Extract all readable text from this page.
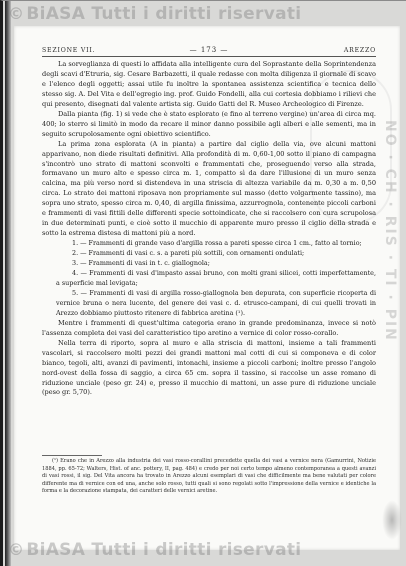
© BiASA Tutti i diritti riservati
NO · CH · RIS · TI · PIN
SEZIONE VII.	— 173 —	AREZZO

La sorveglianza di questi lo affidata alla intelligente cura del Soprastante della Soprintendenza degli scavi d'Etruria, sig. Cesare Barbazetti, il quale redasse con molta diligenza il giornale di scavo e l'elenco degli oggetti; assai utile fu inoltre la spontanea assistenza scientifica e tecnica dello stesso sig. A. Del Vita e dell'egregio ing. prof. Guido Fondelli, alla cui cortesia dobbiamo i rilievi che qui presento, disegnati dal valente artista sig. Guido Gatti del R. Museo Archeologico di Firenze.

Dalla pianta (fig. 1) si vede che è stato esplorato (e fino al terreno vergine) un'area di circa mq. 400; lo sterro si limitò in modo da recare il minor danno possibile agli alberi e alle sementi, ma in seguito scrupolosamente ogni obiettivo scientifico.

La prima zona esplorata (A in pianta) a partire dal ciglio della via, ove alcuni mattoni apparivano, non diede risultati definitivi. Alla profondità di m. 0,60-1,00 sotto il piano di campagna s'incontrò uno strato di mattoni sconvolti e frammentati che, proseguendo verso alla strada, formavano un muro alto e spesso circa m. 1, compatto sì da dare l'illusione di un muro senza calcina, ma più verso nord si distendeva in una striscia di altezza variabile da m. 0,30 a m. 0,50 circa. Lo strato dei mattoni riposava non propriamente sul masso (detto volgarmente tassino), ma sopra uno strato, spesso circa m. 0,40, di argilla finissima, azzurrognola, contenente piccoli carboni e frammenti di vasi fittili delle differenti specie sottoindicate, che si raccolsero con cura scrupolosa in due determinati punti, e cioè sotto il mucchio di apparente muro presso il ciglio della strada e sotto la estrema distesa di mattoni più a nord.

1. — Frammenti di grande vaso d'argilla rossa a pareti spesse circa 1 cm., fatto al tornio;

2. — Frammenti di vasi c. s. a pareti più sottili, con ornamenti ondulati;

3. — Frammenti di vasi in t. c. giallognola;

4. — Frammenti di vasi d'impasto assai bruno, con molti grani silicei, cotti imperfettamente, a superficie mal levigata;

5. — Frammenti di vasi di argilla rosso-giallognola ben depurata, con superficie ricoperta di vernice bruna o nera lucente, del genere dei vasi c. d. etrusco-campani, di cui quelli trovati in Arezzo dobbiamo piuttosto ritenere di fabbrica aretina (¹).

Mentre i frammenti di quest'ultima categoria erano in grande predominanza, invece si notò l'assenza completa dei vasi del caratteristico tipo aretino a vernice di color rosso-corallo.

Nella terra di riporto, sopra al muro e alla striscia di mattoni, insieme a tali frammenti vascolari, si raccolsero molti pezzi dei grandi mattoni mal cotti di cui si componeva e di color bianco, tegoli, alti, avanzi di pavimenti, intonachi, insieme a piccoli carboni; inoltre presso l'angolo nord-ovest della fossa di saggio, a circa 65 cm. sopra il tassino, si raccolse un asse romano di riduzione unciale (peso gr. 24) e, presso il mucchio di mattoni, un asse pure di riduzione unciale (peso gr. 5,70).

(¹) Erano che in Arezzo alla industria dei vasi rosso-corallini precedette quella dei vasi a vernice nera (Gamurrini, Notizie 1884, pp. 65-72; Walters, Hist. of anc. pottery, II, pag. 484) e credo per noi certo tempo almeno contemporanea a questi avanzi di vasi rossi, il sig. Del Vita ancora ha trovato in Arezzo alcuni esemplari di vasi che difficilmente ma bene valutati per colore differente ma di vernice con ed una, anche solo rosso, tutti quali si sono regolati sotto l'impressione della vernice e identiche la forma e la decorazione stampata, dei caratteri delle vernici aretine.

© BiASA Tutti i diritti riservati
